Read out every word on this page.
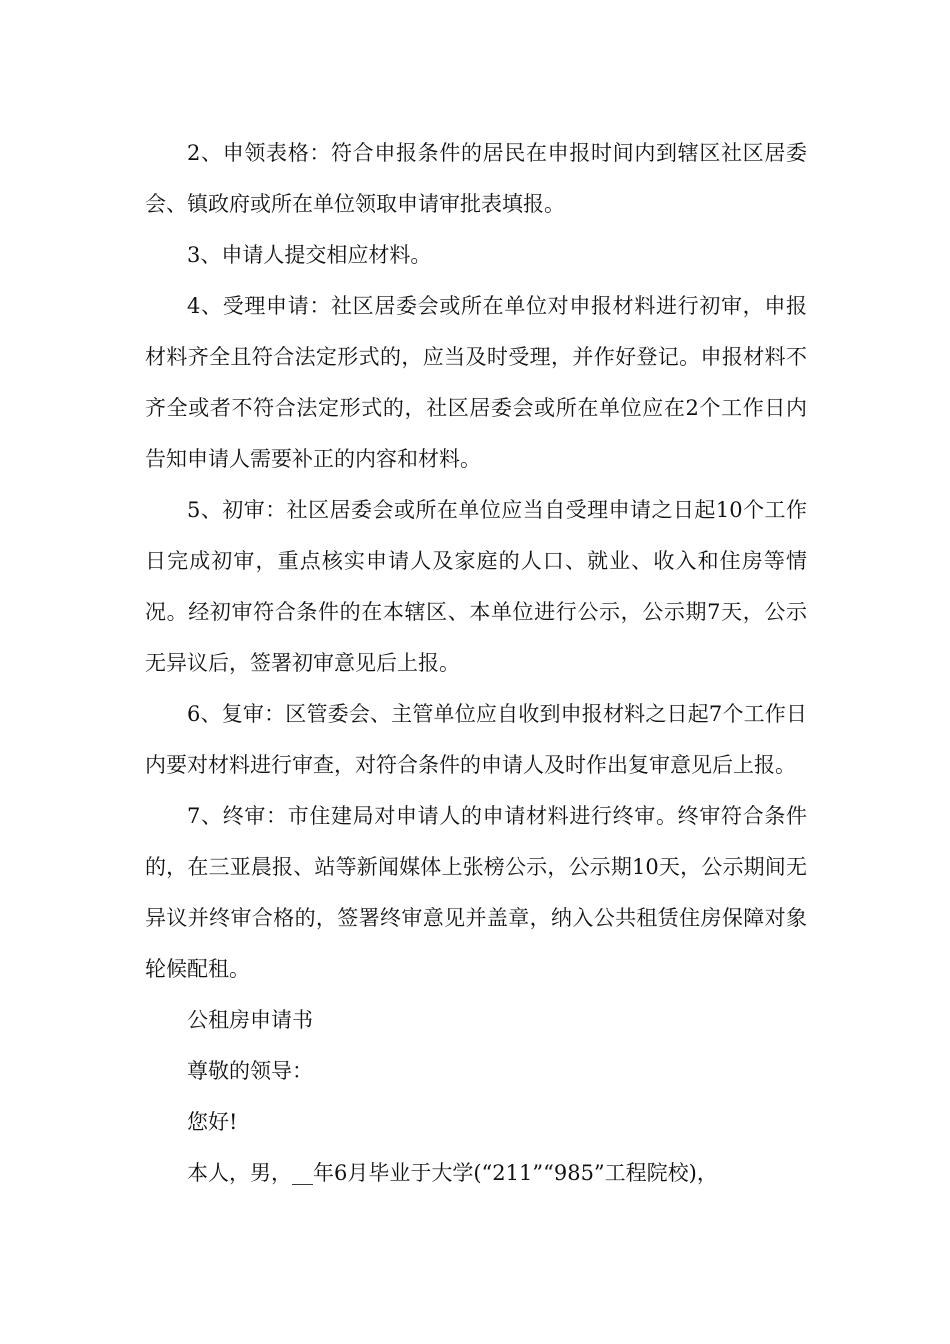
2、申领表格：符合申报条件的居民在申报时间内到辖区社区居委会、镇政府或所在单位领取申请审批表填报。

3、申请人提交相应材料。

4、受理申请：社区居委会或所在单位对申报材料进行初审，申报材料齐全且符合法定形式的，应当及时受理，并作好登记。申报材料不齐全或者不符合法定形式的，社区居委会或所在单位应在2个工作日内告知申请人需要补正的内容和材料。

5、初审：社区居委会或所在单位应当自受理申请之日起10个工作日完成初审，重点核实申请人及家庭的人口、就业、收入和住房等情况。经初审符合条件的在本辖区、本单位进行公示，公示期7天，公示无异议后，签署初审意见后上报。

6、复审：区管委会、主管单位应自收到申报材料之日起7个工作日内要对材料进行审查，对符合条件的申请人及时作出复审意见后上报。

7、终审：市住建局对申请人的申请材料进行终审。终审符合条件的，在三亚晨报、站等新闻媒体上张榜公示，公示期10天，公示期间无异议并终审合格的，签署终审意见并盖章，纳入公共租赁住房保障对象轮候配租。

公租房申请书

尊敬的领导：

您好!

本人，男，__年6月毕业于大学(“211”“985”工程院校)，
